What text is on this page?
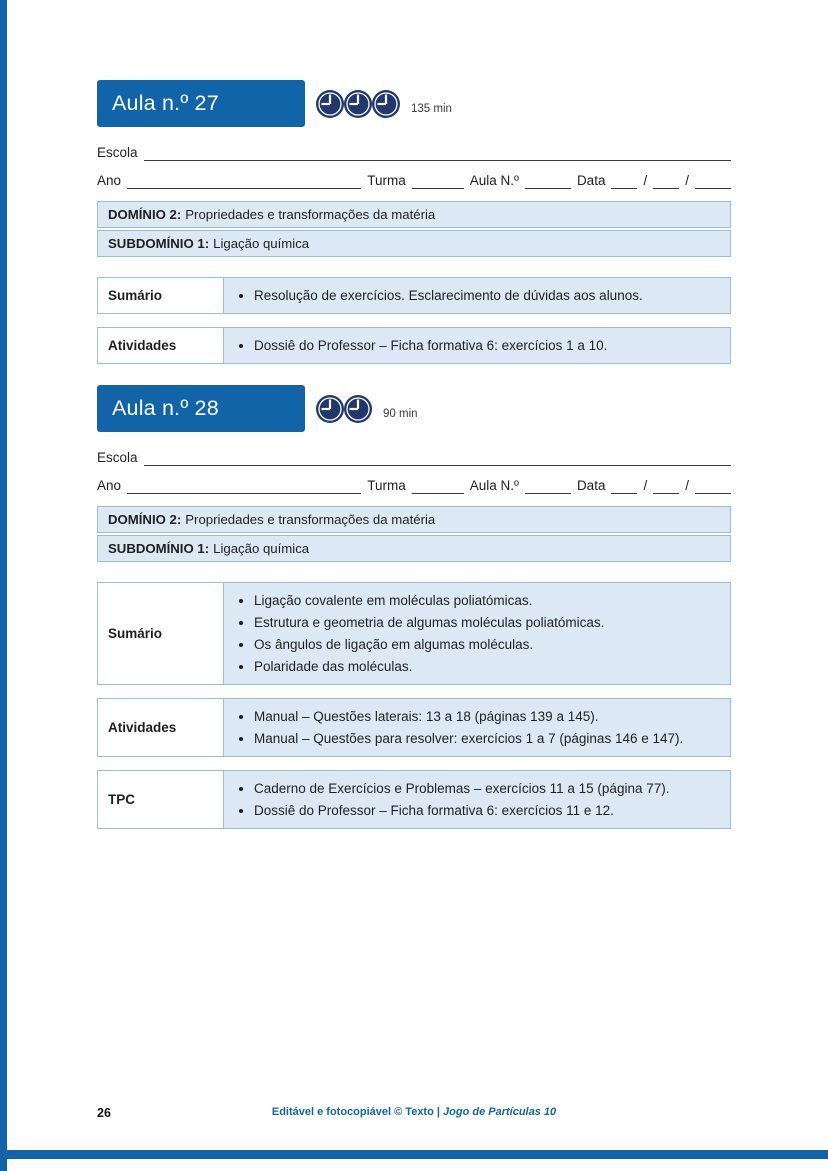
Aula n.º 27	135 min
Escola
Ano	Turma	Aula N.º	Data	/	/
DOMÍNIO 2: Propriedades e transformações da matéria
SUBDOMÍNIO 1: Ligação química
Sumário	• Resolução de exercícios. Esclarecimento de dúvidas aos alunos.
Atividades	• Dossiê do Professor – Ficha formativa 6: exercícios 1 a 10.
Aula n.º 28	90 min
Escola
Ano	Turma	Aula N.º	Data	/	/
DOMÍNIO 2: Propriedades e transformações da matéria
SUBDOMÍNIO 1: Ligação química
Sumário
• Ligação covalente em moléculas poliatómicas.
• Estrutura e geometria de algumas moléculas poliatómicas.
• Os ângulos de ligação em algumas moléculas.
• Polaridade das moléculas.
Atividades
• Manual – Questões laterais: 13 a 18 (páginas 139 a 145).
• Manual – Questões para resolver: exercícios 1 a 7 (páginas 146 e 147).
TPC
• Caderno de Exercícios e Problemas – exercícios 11 a 15 (página 77).
• Dossiê do Professor – Ficha formativa 6: exercícios 11 e 12.
26	Editável e fotocopiável © Texto | Jogo de Partículas 10
